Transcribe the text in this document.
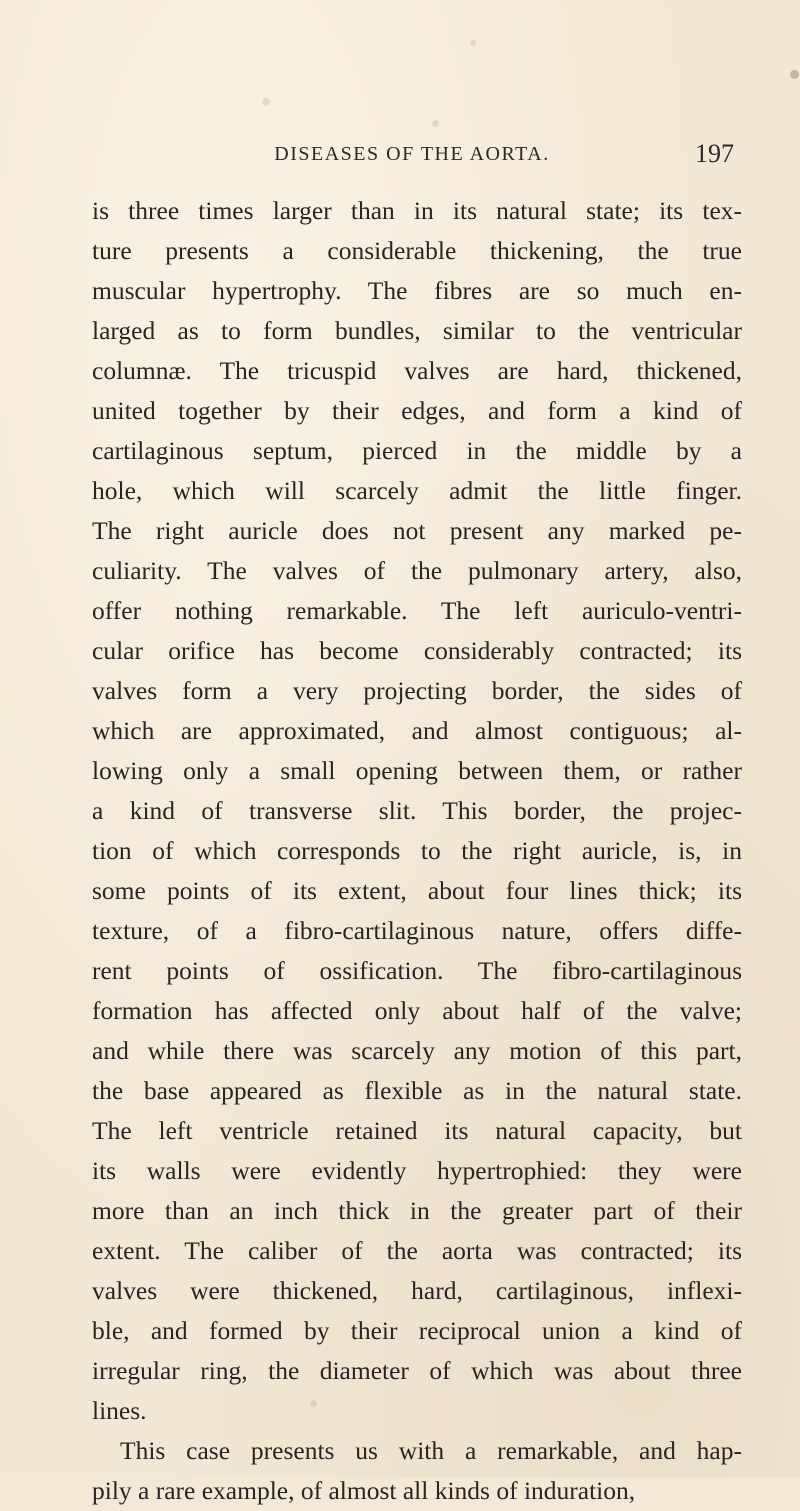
DISEASES OF THE AORTA.	197
is three times larger than in its natural state; its tex-
ture presents a considerable thickening, the true
muscular hypertrophy. The fibres are so much en-
larged as to form bundles, similar to the ventricular
columnæ. The tricuspid valves are hard, thickened,
united together by their edges, and form a kind of
cartilaginous septum, pierced in the middle by a
hole, which will scarcely admit the little finger.
The right auricle does not present any marked pe-
culiarity. The valves of the pulmonary artery, also,
offer nothing remarkable. The left auriculo-ventri-
cular orifice has become considerably contracted; its
valves form a very projecting border, the sides of
which are approximated, and almost contiguous; al-
lowing only a small opening between them, or rather
a kind of transverse slit. This border, the projec-
tion of which corresponds to the right auricle, is, in
some points of its extent, about four lines thick; its
texture, of a fibro-cartilaginous nature, offers diffe-
rent points of ossification. The fibro-cartilaginous
formation has affected only about half of the valve;
and while there was scarcely any motion of this part,
the base appeared as flexible as in the natural state.
The left ventricle retained its natural capacity, but
its walls were evidently hypertrophied: they were
more than an inch thick in the greater part of their
extent. The caliber of the aorta was contracted; its
valves were thickened, hard, cartilaginous, inflexi-
ble, and formed by their reciprocal union a kind of
irregular ring, the diameter of which was about three
lines.
This case presents us with a remarkable, and hap-
pily a rare example, of almost all kinds of induration,
